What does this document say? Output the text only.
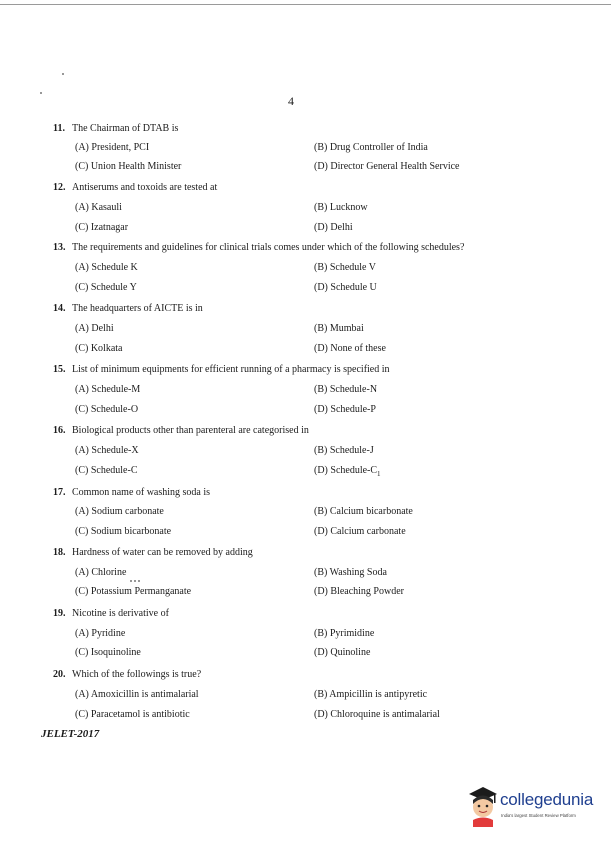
4
11. The Chairman of DTAB is
(A) President, PCI	(B) Drug Controller of India
(C) Union Health Minister	(D) Director General Health Service
12. Antiserums and toxoids are tested at
(A) Kasauli	(B) Lucknow
(C) Izatnagar	(D) Delhi
13. The requirements and guidelines for clinical trials comes under which of the following schedules?
(A) Schedule K	(B) Schedule V
(C) Schedule Y	(D) Schedule U
14. The headquarters of AICTE is in
(A) Delhi	(B) Mumbai
(C) Kolkata	(D) None of these
15. List of minimum equipments for efficient running of a pharmacy is specified in
(A) Schedule-M	(B) Schedule-N
(C) Schedule-O	(D) Schedule-P
16. Biological products other than parenteral are categorised in
(A) Schedule-X	(B) Schedule-J
(C) Schedule-C	(D) Schedule-$C_1$
17. Common name of washing soda is
(A) Sodium carbonate	(B) Calcium bicarbonate
(C) Sodium bicarbonate	(D) Calcium carbonate
18. Hardness of water can be removed by adding
(A) Chlorine	(B) Washing Soda
(C) Potassium Permanganate	(D) Bleaching Powder
19. Nicotine is derivative of
(A) Pyridine	(B) Pyrimidine
(C) Isoquinoline	(D) Quinoline
20. Which of the followings is true?
(A) Amoxicillin is antimalarial	(B) Ampicillin is antipyretic
(C) Paracetamol is antibiotic	(D) Chloroquine is antimalarial
JELET-2017
collegedunia
India's largest Student Review Platform
